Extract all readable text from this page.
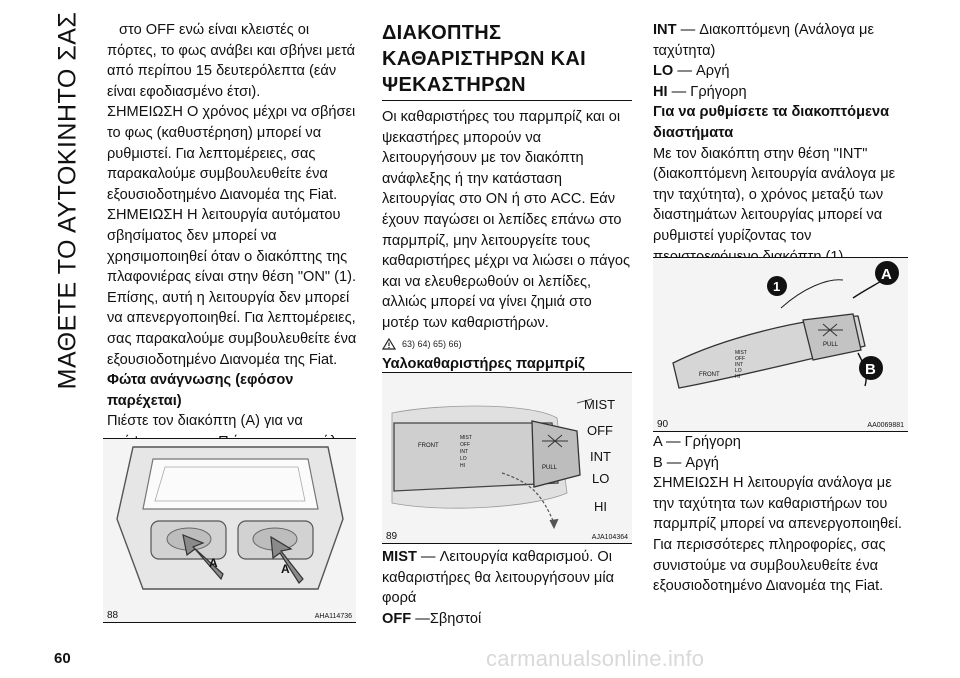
ΜΑΘΕΤΕ ΤΟ ΑΥΤΟΚΙΝΗΤΟ ΣΑΣ	στο OFF ενώ είναι κλειστές οι πόρτες, το φως ανάβει και σβήνει μετά από περίπου 15 δευτερόλεπτα (εάν είναι εφοδιασμένο έτσι).

ΣΗΜΕΙΩΣΗ Ο χρόνος μέχρι να σβήσει το φως (καθυστέρηση) μπορεί να ρυθμιστεί. Για λεπτομέρειες, σας παρακαλούμε συμβουλευθείτε ένα εξουσιοδοτημένο Διανομέα της Fiat.

ΣΗΜΕΙΩΣΗ Η λειτουργία αυτόματου σβησίματος δεν μπορεί να χρησιμοποιηθεί όταν ο διακόπτης της πλαφονιέρας είναι στην θέση "ON" (1). Επίσης, αυτή η λειτουργία δεν μπορεί να απενεργοποιηθεί. Για λεπτομέρειες, σας παρακαλούμε συμβουλευθείτε ένα εξουσιοδοτημένο Διανομέα της Fiat.

Φώτα ανάγνωσης (εφόσον παρέχεται)

Πιέστε τον διακόπτη (A) για να

A	A
88	AHA114736

ΔΙΑΚΟΠΤΗΣ ΚΑΘΑΡΙΣΤΗΡΩΝ ΚΑΙ ΨΕΚΑΣΤΗΡΩΝ

Οι καθαριστήρες του παρμπρίζ και οι ψεκαστήρες μπορούν να λειτουργήσουν με τον διακόπτη ανάφλεξης ή την κατάσταση λειτουργίας στο ON ή στο ACC. Εάν έχουν παγώσει οι λεπίδες επάνω στο παρμπρίζ, μην λειτουργείτε τους καθαριστήρες μέχρι να λιώσει ο πάγος και να ελευθερωθούν οι λεπίδες, αλλιώς μπορεί να γίνει ζημιά στο μοτέρ των καθαριστήρων.

63) 64) 65) 66)

Υαλοκαθαριστήρες παρμπρίζ

FRONT
MIST
OFF
INT
LO
HI	PULL
MIST
OFF
INT
LO
HI
89	AJA104364

MIST — Λειτουργία καθαρισμού. Οι καθαριστήρες θα λειτουργήσουν μία φορά

OFF —Σβηστοί

INT — Διακοπτόμενη (Ανάλογα με ταχύτητα)

LO — Αργή

HI — Γρήγορη

Για να ρυθμίσετε τα διακοπτόμενα διαστήματα

Με τον διακόπτη στην θέση "INT" (διακοπτόμενη λειτουργία ανάλογα με την ταχύτητα), ο χρόνος μεταξύ των διαστημάτων λειτουργίας μπορεί να ρυθμιστεί γυρίζοντας τον

FRONT
MIST
OFF
INT
LO
HI
PULL
1
A
B
90	AA0069881

A — Γρήγορη

B — Αργή

ΣΗΜΕΙΩΣΗ Η λειτουργία ανάλογα με την ταχύτητα των καθαριστήρων του παρμπρίζ μπορεί να απενεργοποιηθεί. Για περισσότερες πληροφορίες, σας συνιστούμε να συμβουλευθείτε ένα εξουσιοδοτημένο Διανομέα της Fiat.

60	carmanualsonline.info
